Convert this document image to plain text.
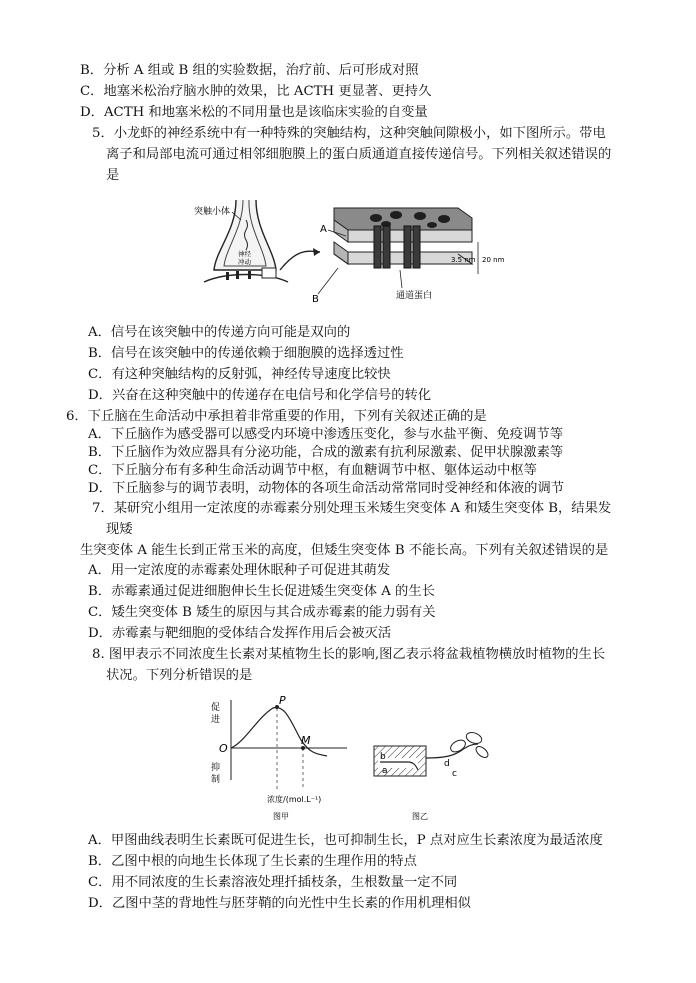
B．分析 A 组或 B 组的实验数据，治疗前、后可形成对照
C．地塞米松治疗脑水肿的效果，比 ACTH 更显著、更持久
D．ACTH 和地塞米松的不同用量也是该临床实验的自变量
5．小龙虾的神经系统中有一种特殊的突触结构，这种突触间隙极小，如下图所示。带电
离子和局部电流可通过相邻细胞膜上的蛋白质通道直接传递信号。下列相关叙述错误的
是
突触小体
神经
冲动
A
B
3.5 nm 20 nm
通道蛋白
A．信号在该突触中的传递方向可能是双向的
B．信号在该突触中的传递依赖于细胞膜的选择透过性
C．有这种突触结构的反射弧，神经传导速度比较快
D．兴奋在这种突触中的传递存在电信号和化学信号的转化
6．下丘脑在生命活动中承担着非常重要的作用，下列有关叙述正确的是
A．下丘脑作为感受器可以感受内环境中渗透压变化，参与水盐平衡、免疫调节等
B．下丘脑作为效应器具有分泌功能，合成的激素有抗利尿激素、促甲状腺激素等
C．下丘脑分布有多种生命活动调节中枢，有血糖调节中枢、躯体运动中枢等
D．下丘脑参与的调节表明，动物体的各项生命活动常常同时受神经和体液的调节
7．某研究小组用一定浓度的赤霉素分别处理玉米矮生突变体 A 和矮生突变体 B，结果发
现矮
生突变体 A 能生长到正常玉米的高度，但矮生突变体 B 不能长高。下列有关叙述错误的是
A．用一定浓度的赤霉素处理休眠种子可促进其萌发
B．赤霉素通过促进细胞伸长生长促进矮生突变体 A 的生长
C．矮生突变体 B 矮生的原因与其合成赤霉素的能力弱有关
D．赤霉素与靶细胞的受体结合发挥作用后会被灭活
8. 图甲表示不同浓度生长素对某植物生长的影响,图乙表示将盆栽植物横放时植物的生长
状况。下列分析错误的是
促
进
抑
制
O
P
M
浓度/(mol.L⁻¹)
图甲
b
a
d
c
图乙
A．甲图曲线表明生长素既可促进生长，也可抑制生长，P 点对应生长素浓度为最适浓度
B．乙图中根的向地生长体现了生长素的生理作用的特点
C．用不同浓度的生长素溶液处理扦插枝条，生根数量一定不同
D．乙图中茎的背地性与胚芽鞘的向光性中生长素的作用机理相似
